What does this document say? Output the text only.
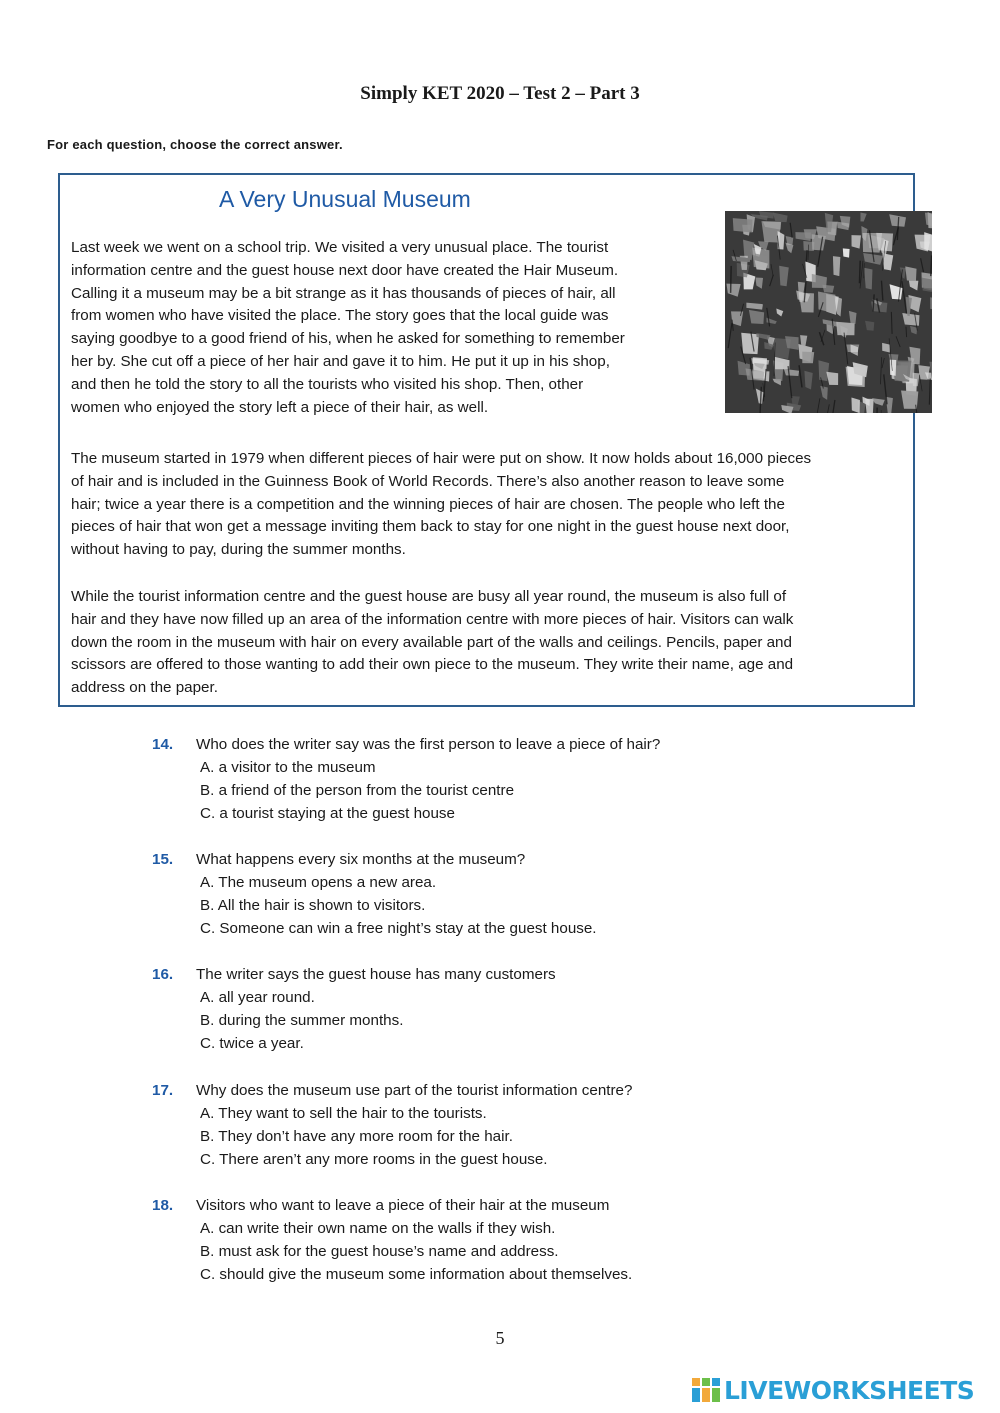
Simply KET 2020 – Test 2 – Part 3
For each question, choose the correct answer.
A Very Unusual Museum
Last week we went on a school trip. We visited a very unusual place. The tourist
information centre and the guest house next door have created the Hair Museum.
Calling it a museum may be a bit strange as it has thousands of pieces of hair, all
from women who have visited the place. The story goes that the local guide was
saying goodbye to a good friend of his, when he asked for something to remember
her by. She cut off a piece of her hair and gave it to him. He put it up in his shop,
and then he told the story to all the tourists who visited his shop. Then, other
women who enjoyed the story left a piece of their hair, as well.
The museum started in 1979 when different pieces of hair were put on show. It now holds about 16,000 pieces
of hair and is included in the Guinness Book of World Records. There’s also another reason to leave some
hair; twice a year there is a competition and the winning pieces of hair are chosen. The people who left the
pieces of hair that won get a message inviting them back to stay for one night in the guest house next door,
without having to pay, during the summer months.
While the tourist information centre and the guest house are busy all year round, the museum is also full of
hair and they have now filled up an area of the information centre with more pieces of hair. Visitors can walk
down the room in the museum with hair on every available part of the walls and ceilings. Pencils, paper and
scissors are offered to those wanting to add their own piece to the museum. They write their name, age and
address on the paper.
14. Who does the writer say was the first person to leave a piece of hair?
A. a visitor to the museum
B. a friend of the person from the tourist centre
C. a tourist staying at the guest house
15. What happens every six months at the museum?
A. The museum opens a new area.
B. All the hair is shown to visitors.
C. Someone can win a free night’s stay at the guest house.
16. The writer says the guest house has many customers
A. all year round.
B. during the summer months.
C. twice a year.
17. Why does the museum use part of the tourist information centre?
A. They want to sell the hair to the tourists.
B. They don’t have any more room for the hair.
C. There aren’t any more rooms in the guest house.
18. Visitors who want to leave a piece of their hair at the museum
A. can write their own name on the walls if they wish.
B. must ask for the guest house’s name and address.
C. should give the museum some information about themselves.
5
LIVEWORKSHEETS
